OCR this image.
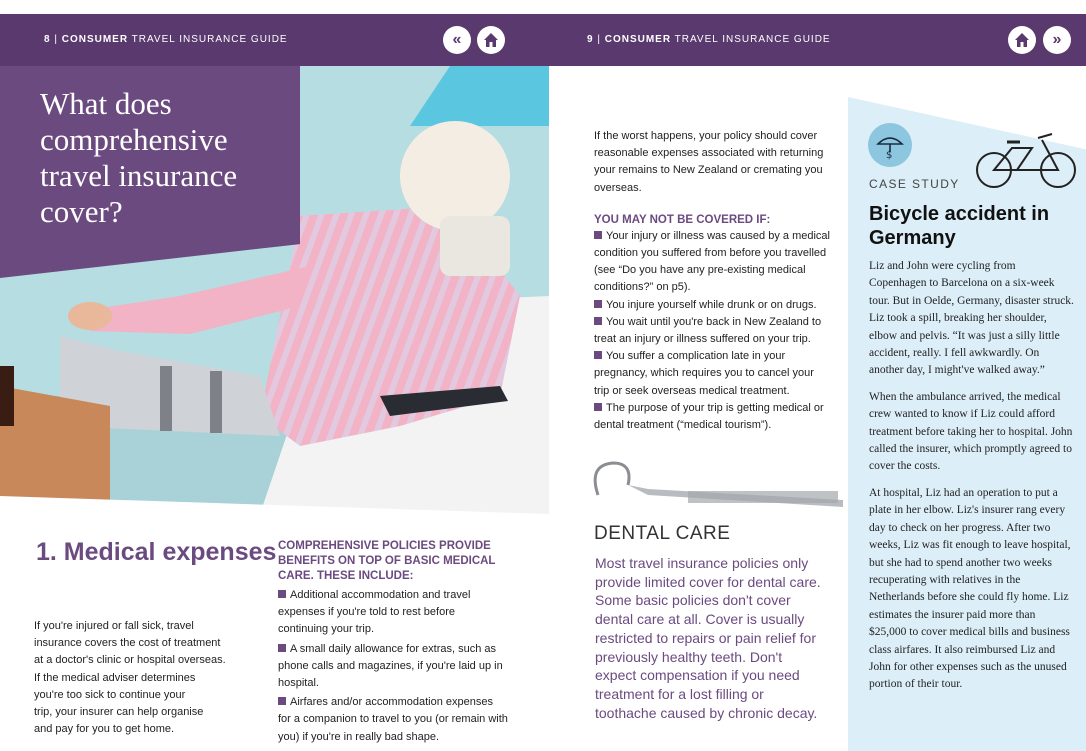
8 | CONSUMER TRAVEL INSURANCE GUIDE	«	9 | CONSUMER TRAVEL INSURANCE GUIDE	»
What does comprehensive travel insurance cover?
1. Medical expenses
If you're injured or fall sick, travel
insurance covers the cost of treatment
at a doctor's clinic or hospital overseas.
If the medical adviser determines
you're too sick to continue your
trip, your insurer can help organise
and pay for you to get home.
COMPREHENSIVE POLICIES PROVIDE BENEFITS ON TOP OF BASIC MEDICAL CARE. THESE INCLUDE:
Additional accommodation and travel expenses if you're told to rest before continuing your trip.
A small daily allowance for extras, such as phone calls and magazines, if you're laid up in hospital.
Airfares and/or accommodation expenses for a companion to travel to you (or remain with you) if you're in really bad shape.
If the worst happens, your policy should cover reasonable expenses associated with returning your remains to New Zealand or cremating you overseas.
YOU MAY NOT BE COVERED IF:
Your injury or illness was caused by a medical condition you suffered from before you travelled (see “Do you have any pre-existing medical conditions?” on p5).
You injure yourself while drunk or on drugs.
You wait until you're back in New Zealand to treat an injury or illness suffered on your trip.
You suffer a complication late in your pregnancy, which requires you to cancel your trip or seek overseas medical treatment.
The purpose of your trip is getting medical or dental treatment (“medical tourism”).
DENTAL CARE
Most travel insurance policies only provide limited cover for dental care. Some basic policies don't cover dental care at all. Cover is usually restricted to repairs or pain relief for previously healthy teeth. Don't expect compensation if you need treatment for a lost filling or toothache caused by chronic decay.
$
CASE STUDY
Bicycle accident in Germany

Liz and John were cycling from Copenhagen to Barcelona on a six-week tour. But in Oelde, Germany, disaster struck. Liz took a spill, breaking her shoulder, elbow and pelvis. “It was just a silly little accident, really. I fell awkwardly. On another day, I might've walked away.”

When the ambulance arrived, the medical crew wanted to know if Liz could afford treatment before taking her to hospital. John called the insurer, which promptly agreed to cover the costs.

At hospital, Liz had an operation to put a plate in her elbow. Liz's insurer rang every day to check on her progress. After two weeks, Liz was fit enough to leave hospital, but she had to spend another two weeks recuperating with relatives in the Netherlands before she could fly home. Liz estimates the insurer paid more than $25,000 to cover medical bills and business class airfares. It also reimbursed Liz and John for other expenses such as the unused portion of their tour.
